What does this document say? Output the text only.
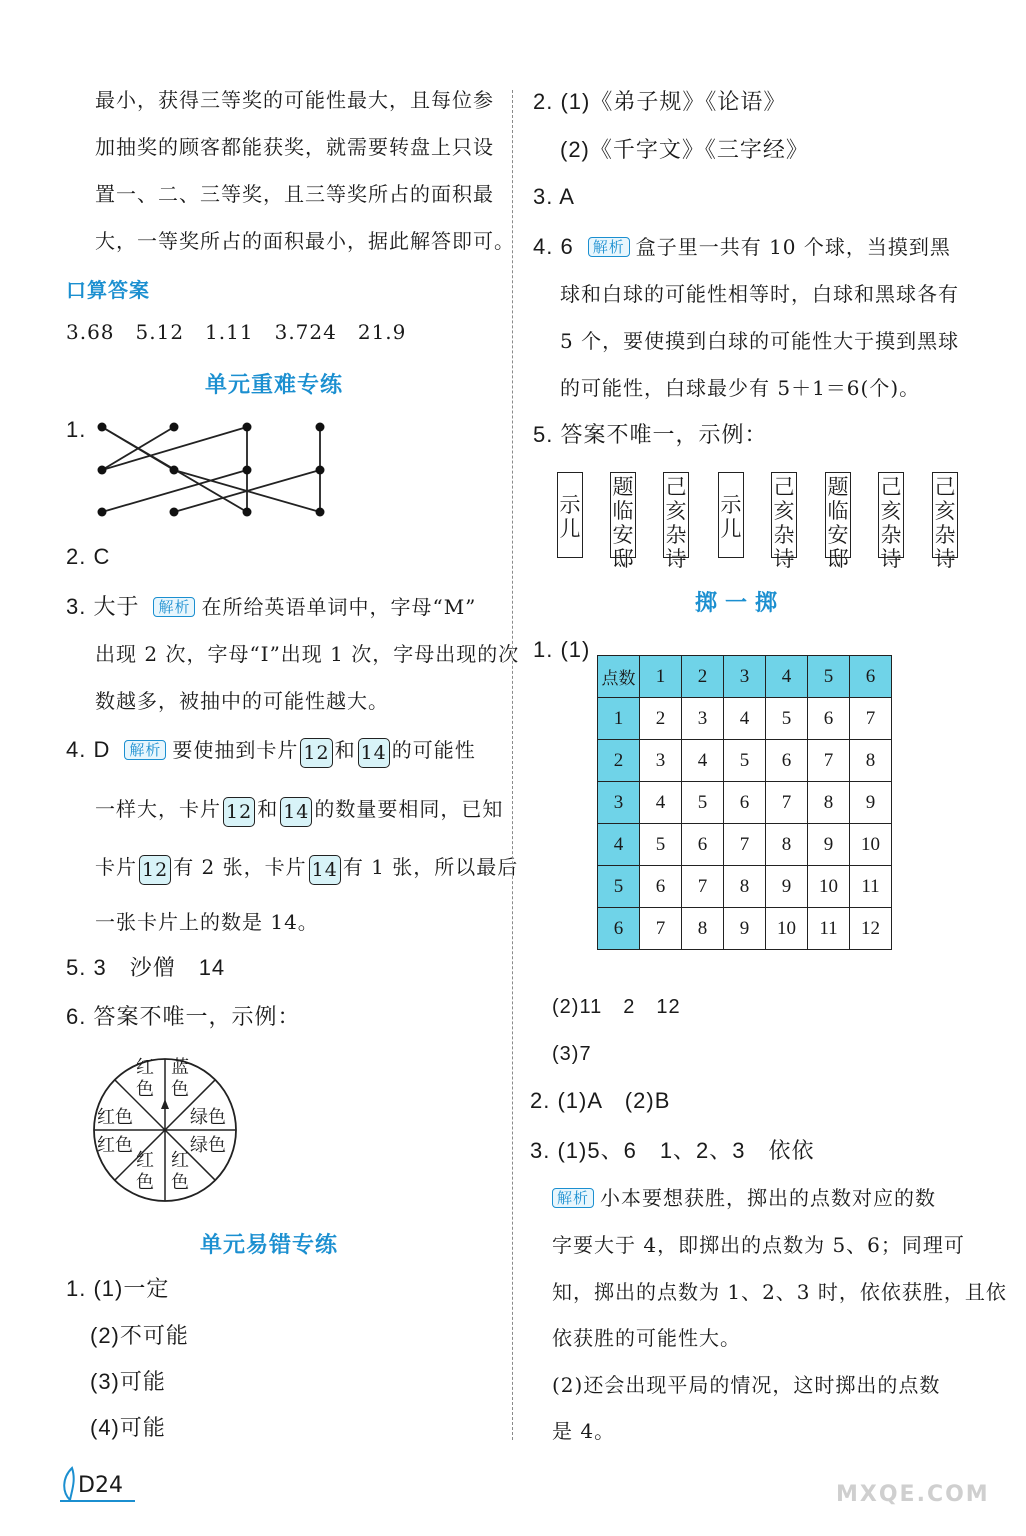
最小，获得三等奖的可能性最大，且每位参
加抽奖的顾客都能获奖，就需要转盘上只设
置一、二、三等奖，且三等奖所占的面积最
大，一等奖所占的面积最小，据此解答即可。
口算答案
3.68　5.12　1.11　3.724　21.9
单元重难专练
1.
2. C
3. 大于 解析 在所给英语单词中，字母“M”
出现 2 次，字母“I”出现 1 次，字母出现的次
数越多，被抽中的可能性越大。
4. D 解析 要使抽到卡片 12 和 14 的可能性
一样大，卡片 12 和 14 的数量要相同，已知
卡片 12 有 2 张，卡片 14 有 1 张，所以最后
一张卡片上的数是 14。
5. 3　沙僧　14
6. 答案不唯一，示例：
红色
蓝色
绿色
绿色
红色
红色
红色
红色
单元易错专练
1. (1)一定
(2)不可能
(3)可能
(4)可能
D24
2. (1)《弟子规》《论语》
(2)《千字文》《三字经》
3. A
4. 6 解析 盒子里一共有 10 个球，当摸到黑
球和白球的可能性相等时，白球和黑球各有
5 个，要使摸到白球的可能性大于摸到黑球
的可能性，白球最少有 5＋1＝6(个)。
5. 答案不唯一，示例：
示
儿
题
临
安
邸
己
亥
杂
诗
示
儿
己
亥
杂
诗
题
临
安
邸
己
亥
杂
诗
己
亥
杂
诗
掷一掷
1. (1)
点数	1	2	3	4	5	6
1	2	3	4	5	6	7
2	3	4	5	6	7	8
3	4	5	6	7	8	9
4	5	6	7	8	9	10
5	6	7	8	9	10	11
6	7	8	9	10	11	12
(2)11　2　12
(3)7
2. (1)A　(2)B
3. (1)5、6　1、2、3　依依
解析 小本要想获胜，掷出的点数对应的数
字要大于 4，即掷出的点数为 5、6；同理可
知，掷出的点数为 1、2、3 时，依依获胜，且依
依获胜的可能性大。
(2)还会出现平局的情况，这时掷出的点数
是 4。
MXQE.COM
